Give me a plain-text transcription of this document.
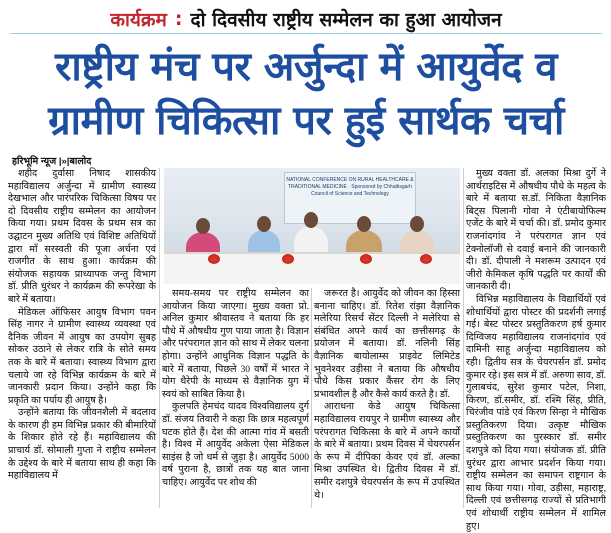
कार्यक्रम : दो दिवसीय राष्ट्रीय सम्मेलन का हुआ आयोजन
राष्ट्रीय मंच पर अर्जुन्दा में आयुर्वेद व
ग्रामीण चिकित्सा पर हुई सार्थक चर्चा
हरिभूमि न्यूज |»|बालोद

शहीद दुर्वासा निषाद शासकीय महाविद्यालय अर्जुन्दा में ग्रामीण स्वास्थ्य देखभाल और पारंपरिक चिकित्सा विषय पर दो दिवसीय राष्ट्रीय सम्मेलन का आयोजन किया गया। प्रथम दिवस के प्रथम सत्र का उद्घाटन मुख्य अतिथि एवं विशिष्ट अतिथियों द्वारा माँ सरस्वती की पूजा अर्चना एवं राजगीत के साथ हुआ। कार्यक्रम की संयोजक सहायक प्राध्यापक जन्तु विभाग डॉ. प्रीति धुरंधर ने कार्यक्रम की रूपरेखा के बारे में बताया।

मेडिकल ऑफिसर आयुष विभाग पवन सिंह नागर ने ग्रामीण स्वास्थ्य व्यवस्था एवं दैनिक जीवन में आयुष का उपयोग सुबह सोकर उठाने से लेकर रात्रि के सोते समय तक के बारे में बताया। स्वास्थ्य विभाग द्वारा चलाये जा रहे विभिन्न कार्यक्रम के बारे में जानकारी प्रदान किया। उन्होंने कहा कि प्रकृति का पर्याय ही आयुष है।

उन्होंने बताया कि जीवनशैली में बदलाव के कारण ही हम विभिन्न प्रकार की बीमारियों के शिकार होते रहे हैं। महाविद्यालय की प्राचार्य डॉ. सोमाली गुप्ता ने राष्ट्रीय सम्मेलन के उद्देश्य के बारे में बताया साथ ही कहा कि महाविद्यालय में

NATIONAL CONFERENCE ON RURAL HEALTHCARE & TRADITIONAL MEDICINE · Sponsored by Chhattisgarh Council of Science and Technology

समय-समय पर राष्ट्रीय सम्मेलन का आयोजन किया जाएगा। मुख्य वक्ता प्रो. अनिल कुमार श्रीवास्तव ने बताया कि हर पौधे में औषधीय गुण पाया जाता है। विज्ञान और परंपरागत ज्ञान को साथ में लेकर चलना होगा। उन्होंने आधुनिक विज्ञान पद्धति के बारे में बताया, पिछले 30 वर्षों में भारत ने योग थैरेपी के माध्यम से वैज्ञानिक युग में स्वयं को साबित किया है।

कुलपति हेमचंद यादव विश्वविद्यालय दुर्ग डॉ. संजय तिवारी ने कहा कि छात्र महत्वपूर्ण घटक होते हैं। देश की आत्मा गांव में बसती है। विश्व में आयुर्वेद अकेला ऐसा मेडिकल साइंस है जो धर्म से जुड़ा है। आयुर्वेद 5000 वर्ष पुराना है, छात्रों तक यह बात जाना चाहिए। आयुर्वेद पर शोध की

जरूरत है। आयुर्वेद को जीवन का हिस्सा बनाना चाहिए। डॉ. रितेश रांझा वैज्ञानिक मलेरिया रिसर्च सेंटर दिल्ली ने मलेरिया से संबंधित अपने कार्य का छत्तीसगढ़ के प्रयोजन में बताया। डॉ. नलिनी सिंह वैज्ञानिक बायोलाम्स प्राइवेट लिमिटेड भुवनेश्वर उड़ीसा ने बताया कि औषधीय पौधे किस प्रकार कैंसर रोग के लिए प्रभावशील है और कैसे कार्य करते है। डॉ.

आराधना केडे आयुष चिकित्सा महाविद्यालय रायपुर ने ग्रामीण स्वास्थ्य और परंपरागत चिकित्सा के बारे में अपने कार्यों के बारे में बताया। प्रथम दिवस में चेयरपर्सन के रूप में दीपिका केवर एवं डॉ. अल्का मिश्रा उपस्थित थे। द्वितीय दिवस में डॉ. समीर दशपुत्रे चेयरपर्सन के रूप में उपस्थित थे।

मुख्य वक्ता डॉ. अलका मिश्रा दुर्गे ने आर्थराइटिस में औषधीय पौधे के महत्व के बारे में बताया स.डॉ. निकिता वैज्ञानिक बिट्स पिलानी गोवा ने एंटीबायोफिल्म एजेंट के बारे में चर्चा की। डॉ. प्रमोद कुमार राजनांदगांव ने परंपरागत ज्ञान एवं टेक्नोलॉजी से दवाई बनाने की जानकारी दी। डॉ. दीपाली ने मशरूम उत्पादन एवं जीरो केमिकल कृषि पद्धति पर कार्यों की जानकारी दी।

विभिन्न महाविद्यालय के विद्यार्थियों एवं शोधार्थियों द्वारा पोस्टर की प्रदर्शनी लगाई गई। बेस्ट पोस्टर प्रस्तुतिकरण हर्ष कुमार दिग्विजय महाविद्यालय राजनांदगांव एवं दामिनी साहू अर्जुन्दा महाविद्यालय को रही। द्वितीय सत्र के चेयरपर्सन डॉ. प्रमोद कुमार रहे। इस सत्र में डॉ. अरुणा साव, डॉ. गुलाबचंद, सुरेश कुमार पटेल, निशा, किरण, डॉ.समीर, डॉ. रश्मि सिंह, प्रीति, चिरंजीव पांडे एवं किरण सिन्हा ने मौखिक प्रस्तुतिकरण दिया। उत्कृष्ट मौखिक प्रस्तुतिकरण का पुरस्कार डॉ. समीर दशपुत्रे को दिया गया। संयोजक डॉ. प्रीति धुरंधर द्वारा आभार प्रदर्शन किया गया। राष्ट्रीय सम्मेलन का समापन राष्ट्रगान के साथ किया गया। गोवा, उड़ीसा, महाराष्ट्र, दिल्ली एवं छत्तीसगढ़ राज्यों से प्रतिभागी एवं शोधार्थी राष्ट्रीय सम्मेलन में शामिल हुए।
